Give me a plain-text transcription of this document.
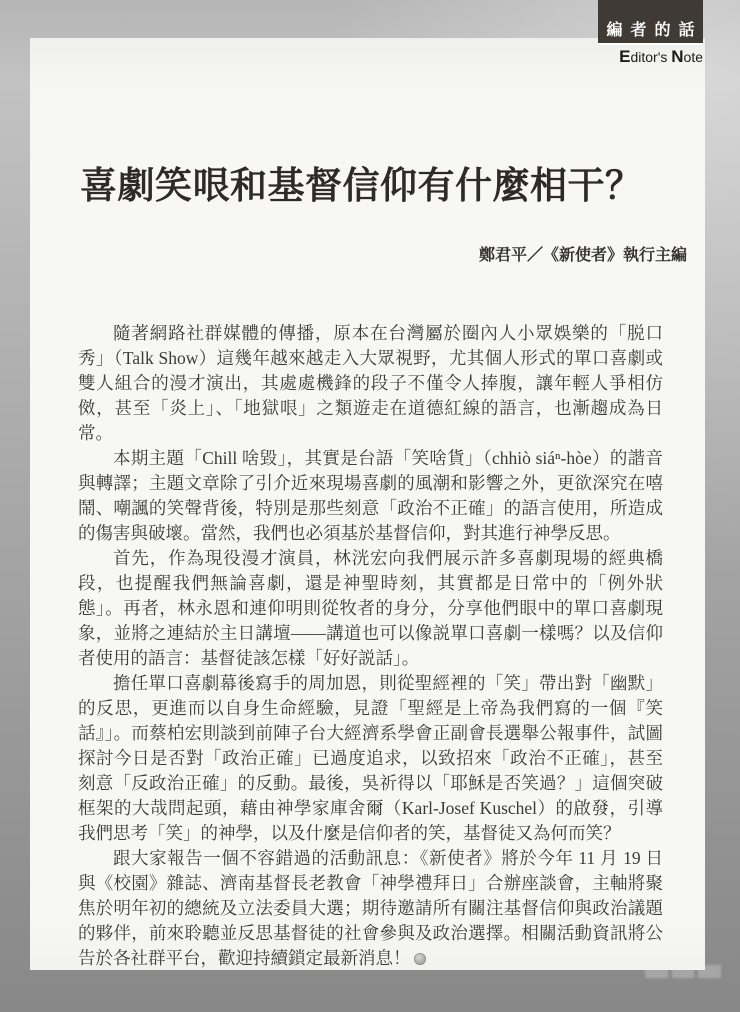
喜劇笑哏和基督信仰有什麼相干？
鄭君平／《新使者》執行主編

隨著網路社群媒體的傳播，原本在台灣屬於圈內人小眾娛樂的「脱口秀」（Talk Show）這幾年越來越走入大眾視野，尤其個人形式的單口喜劇或雙人組合的漫才演出，其處處機鋒的段子不僅令人捧腹，讓年輕人爭相仿傚，甚至「炎上」、「地獄哏」之類遊走在道德紅線的語言，也漸趨成為日常。

本期主題「Chill 啥毀」，其實是台語「笑啥貨」（chhiò siáⁿ-hòe）的諧音與轉譯；主題文章除了引介近來現場喜劇的風潮和影響之外，更欲深究在嘻鬧、嘲諷的笑聲背後，特別是那些刻意「政治不正確」的語言使用，所造成的傷害與破壞。當然，我們也必須基於基督信仰，對其進行神學反思。

首先，作為現役漫才演員，林洸宏向我們展示許多喜劇現場的經典橋段，也提醒我們無論喜劇，還是神聖時刻，其實都是日常中的「例外狀態」。再者，林永恩和連仰明則從牧者的身分，分享他們眼中的單口喜劇現象，並將之連結於主日講壇——講道也可以像説單口喜劇一樣嗎？以及信仰者使用的語言：基督徒該怎樣「好好説話」。

擔任單口喜劇幕後寫手的周加恩，則從聖經裡的「笑」帶出對「幽默」的反思，更進而以自身生命經驗，見證「聖經是上帝為我們寫的一個『笑話』」。而蔡柏宏則談到前陣子台大經濟系學會正副會長選舉公報事件，試圖探討今日是否對「政治正確」已過度追求，以致招來「政治不正確」，甚至刻意「反政治正確」的反動。最後，吳祈得以「耶穌是否笑過？」這個突破框架的大哉問起頭，藉由神學家庫舍爾（Karl-Josef Kuschel）的啟發，引導我們思考「笑」的神學，以及什麼是信仰者的笑，基督徒又為何而笑？

跟大家報告一個不容錯過的活動訊息：《新使者》將於今年 11 月 19 日與《校園》雜誌、濟南基督長老教會「神學禮拜日」合辦座談會，主軸將聚焦於明年初的總統及立法委員大選；期待邀請所有關注基督信仰與政治議題的夥伴，前來聆聽並反思基督徒的社會參與及政治選擇。相關活動資訊將公告於各社群平台，歡迎持續鎖定最新消息！

編者的話
Editor's Note
